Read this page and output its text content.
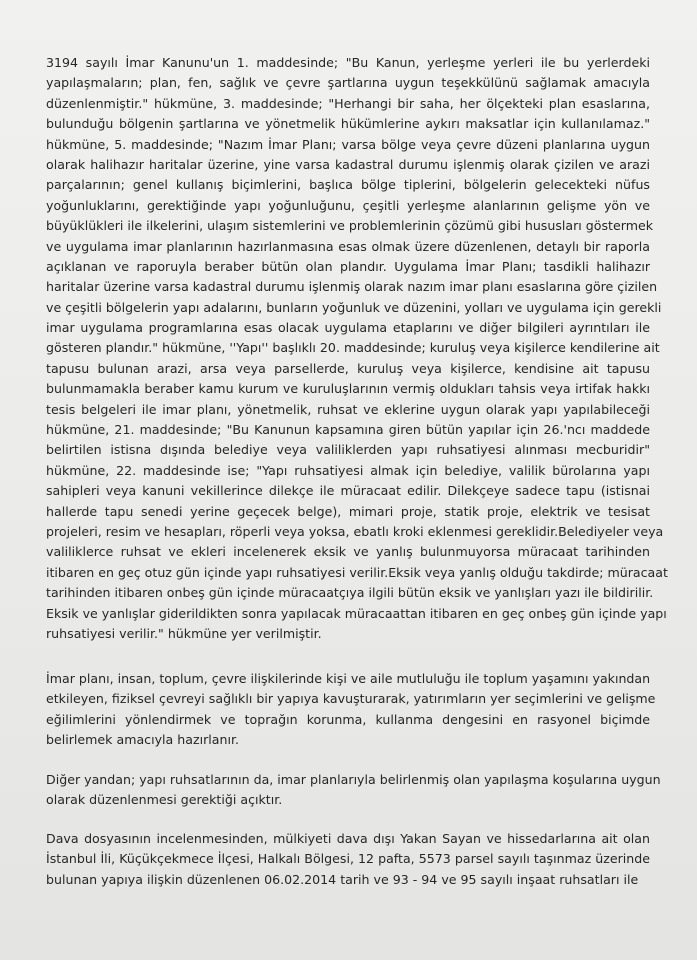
3194 sayılı İmar Kanunu'un 1. maddesinde; "Bu Kanun, yerleşme yerleri ile bu yerlerdeki
yapılaşmaların; plan, fen, sağlık ve çevre şartlarına uygun teşekkülünü sağlamak amacıyla
düzenlenmiştir." hükmüne, 3. maddesinde; "Herhangi bir saha, her ölçekteki plan esaslarına,
bulunduğu bölgenin şartlarına ve yönetmelik hükümlerine aykırı maksatlar için kullanılamaz."
hükmüne, 5. maddesinde; "Nazım İmar Planı; varsa bölge veya çevre düzeni planlarına uygun
olarak halihazır haritalar üzerine, yine varsa kadastral durumu işlenmiş olarak çizilen ve arazi
parçalarının; genel kullanış biçimlerini, başlıca bölge tiplerini, bölgelerin gelecekteki nüfus
yoğunluklarını, gerektiğinde yapı yoğunluğunu, çeşitli yerleşme alanlarının gelişme yön ve
büyüklükleri ile ilkelerini, ulaşım sistemlerini ve problemlerinin çözümü gibi hususları göstermek
ve uygulama imar planlarının hazırlanmasına esas olmak üzere düzenlenen, detaylı bir raporla
açıklanan ve raporuyla beraber bütün olan plandır. Uygulama İmar Planı; tasdikli halihazır
haritalar üzerine varsa kadastral durumu işlenmiş olarak nazım imar planı esaslarına göre çizilen
ve çeşitli bölgelerin yapı adalarını, bunların yoğunluk ve düzenini, yolları ve uygulama için gerekli
imar uygulama programlarına esas olacak uygulama etaplarını ve diğer bilgileri ayrıntıları ile
gösteren plandır." hükmüne, ''Yapı'' başlıklı 20. maddesinde; kuruluş veya kişilerce kendilerine ait
tapusu bulunan arazi, arsa veya parsellerde, kuruluş veya kişilerce, kendisine ait tapusu
bulunmamakla beraber kamu kurum ve kuruluşlarının vermiş oldukları tahsis veya irtifak hakkı
tesis belgeleri ile imar planı, yönetmelik, ruhsat ve eklerine uygun olarak yapı yapılabileceği
hükmüne, 21. maddesinde; "Bu Kanunun kapsamına giren bütün yapılar için 26.'ncı maddede
belirtilen istisna dışında belediye veya valiliklerden yapı ruhsatiyesi alınması mecburidir"
hükmüne, 22. maddesinde ise; "Yapı ruhsatiyesi almak için belediye, valilik bürolarına yapı
sahipleri veya kanuni vekillerince dilekçe ile müracaat edilir. Dilekçeye sadece tapu (istisnai
hallerde tapu senedi yerine geçecek belge), mimari proje, statik proje, elektrik ve tesisat
projeleri, resim ve hesapları, röperli veya yoksa, ebatlı kroki eklenmesi gereklidir.Belediyeler veya
valiliklerce ruhsat ve ekleri incelenerek eksik ve yanlış bulunmuyorsa müracaat tarihinden
itibaren en geç otuz gün içinde yapı ruhsatiyesi verilir.Eksik veya yanlış olduğu takdirde; müracaat
tarihinden itibaren onbeş gün içinde müracaatçıya ilgili bütün eksik ve yanlışları yazı ile bildirilir.
Eksik ve yanlışlar giderildikten sonra yapılacak müracaattan itibaren en geç onbeş gün içinde yapı
ruhsatiyesi verilir." hükmüne yer verilmiştir.
İmar planı, insan, toplum, çevre ilişkilerinde kişi ve aile mutluluğu ile toplum yaşamını yakından
etkileyen, fiziksel çevreyi sağlıklı bir yapıya kavuşturarak, yatırımların yer seçimlerini ve gelişme
eğilimlerini yönlendirmek ve toprağın korunma, kullanma dengesini en rasyonel biçimde
belirlemek amacıyla hazırlanır.
Diğer yandan; yapı ruhsatlarının da, imar planlarıyla belirlenmiş olan yapılaşma koşularına uygun
olarak düzenlenmesi gerektiği açıktır.
Dava dosyasının incelenmesinden, mülkiyeti dava dışı Yakan Sayan ve hissedarlarına ait olan
İstanbul İli, Küçükçekmece İlçesi, Halkalı Bölgesi, 12 pafta, 5573 parsel sayılı taşınmaz üzerinde
bulunan yapıya ilişkin düzenlenen 06.02.2014 tarih ve 93 - 94 ve 95 sayılı inşaat ruhsatları ile
